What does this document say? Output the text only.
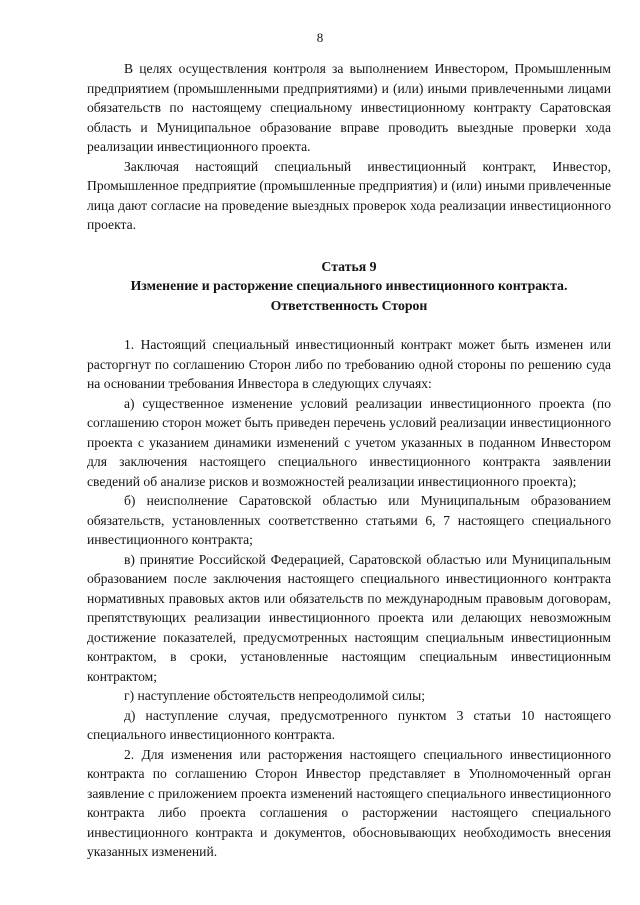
8

В целях осуществления контроля за выполнением Инвестором, Промышленным предприятием (промышленными предприятиями) и (или) иными привлеченными лицами обязательств по настоящему специальному инвестиционному контракту Саратовская область и Муниципальное образование вправе проводить выездные проверки хода реализации инвестиционного проекта.

Заключая настоящий специальный инвестиционный контракт, Инвестор, Промышленное предприятие (промышленные предприятия) и (или) иными привлеченные лица дают согласие на проведение выездных проверок хода реализации инвестиционного проекта.

Статья 9
Изменение и расторжение специального инвестиционного контракта.
Ответственность Сторон

1. Настоящий специальный инвестиционный контракт может быть изменен или расторгнут по соглашению Сторон либо по требованию одной стороны по решению суда на основании требования Инвестора в следующих случаях:

а) существенное изменение условий реализации инвестиционного проекта (по соглашению сторон может быть приведен перечень условий реализации инвестиционного проекта с указанием динамики изменений с учетом указанных в поданном Инвестором для заключения настоящего специального инвестиционного контракта заявлении сведений об анализе рисков и возможностей реализации инвестиционного проекта);

б) неисполнение Саратовской областью или Муниципальным образованием обязательств, установленных соответственно статьями 6, 7 настоящего специального инвестиционного контракта;

в) принятие Российской Федерацией, Саратовской областью или Муниципальным образованием после заключения настоящего специального инвестиционного контракта нормативных правовых актов или обязательств по международным правовым договорам, препятствующих реализации инвестиционного проекта или делающих невозможным достижение показателей, предусмотренных настоящим специальным инвестиционным контрактом, в сроки, установленные настоящим специальным инвестиционным контрактом;

г) наступление обстоятельств непреодолимой силы;

д) наступление случая, предусмотренного пунктом 3 статьи 10 настоящего специального инвестиционного контракта.

2. Для изменения или расторжения настоящего специального инвестиционного контракта по соглашению Сторон Инвестор представляет в Уполномоченный орган заявление с приложением проекта изменений настоящего специального инвестиционного контракта либо проекта соглашения о расторжении настоящего специального инвестиционного контракта и документов, обосновывающих необходимость внесения указанных изменений.
